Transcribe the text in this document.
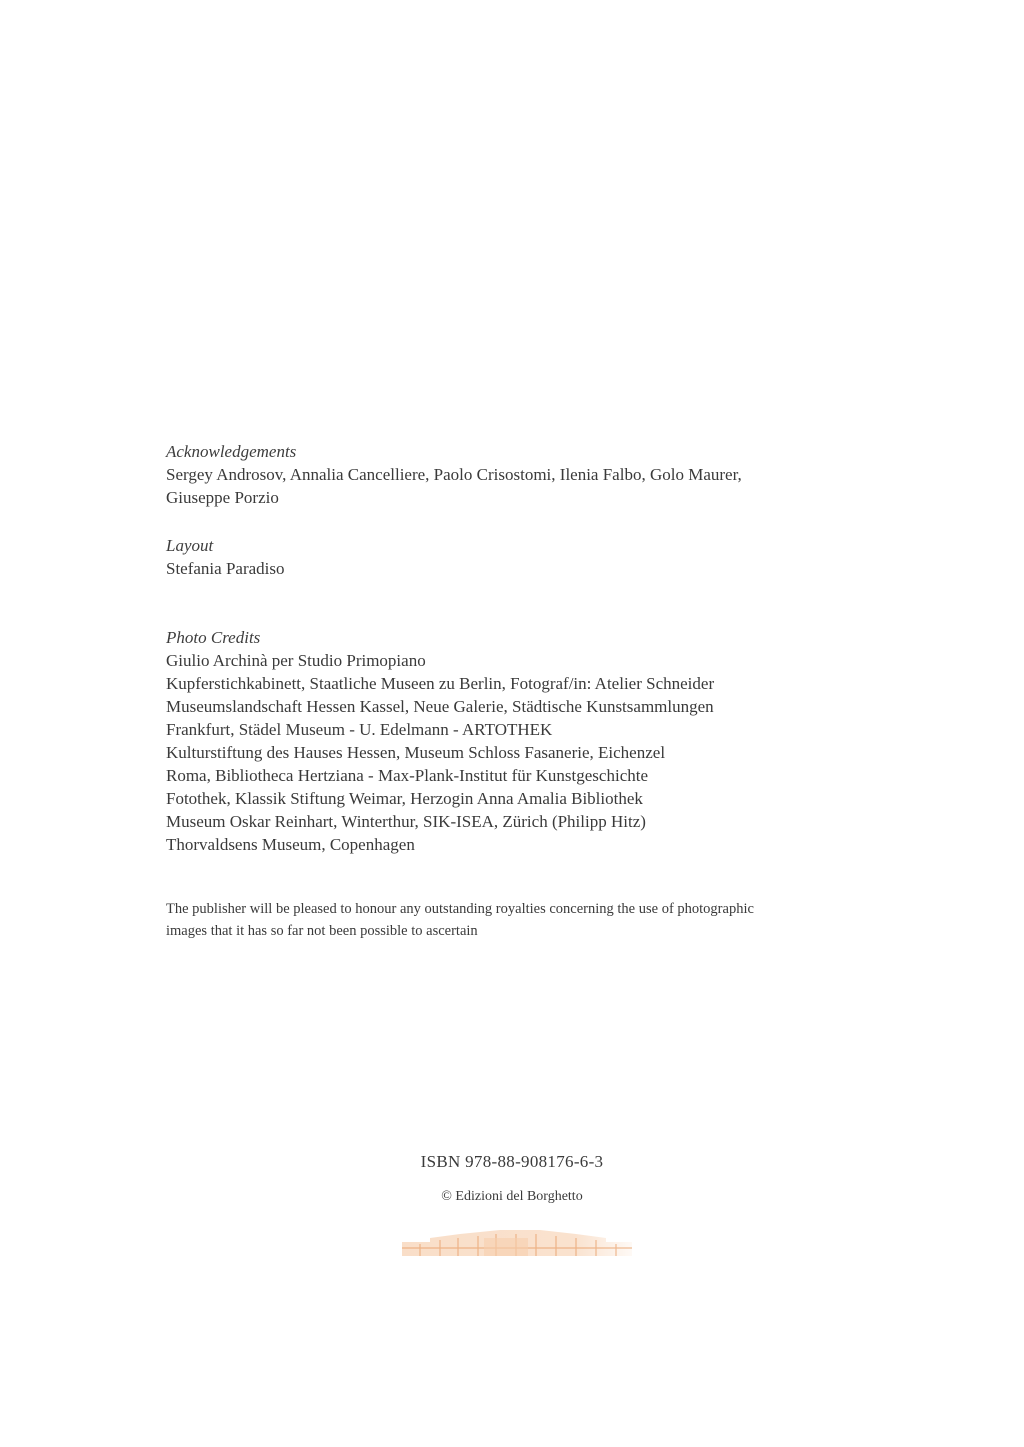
Acknowledgements
Sergey Androsov, Annalia Cancelliere, Paolo Crisostomi, Ilenia Falbo, Golo Maurer,
Giuseppe Porzio
Layout
Stefania Paradiso
Photo Credits
Giulio Archinà per Studio Primopiano
Kupferstichkabinett, Staatliche Museen zu Berlin, Fotograf/in: Atelier Schneider
Museumslandschaft Hessen Kassel, Neue Galerie, Städtische Kunstsammlungen
Frankfurt, Städel Museum - U. Edelmann - ARTOTHEK
Kulturstiftung des Hauses Hessen, Museum Schloss Fasanerie, Eichenzel
Roma, Bibliotheca Hertziana - Max-Plank-Institut für Kunstgeschichte
Fotothek, Klassik Stiftung Weimar, Herzogin Anna Amalia Bibliothek
Museum Oskar Reinhart, Winterthur, SIK-ISEA, Zürich (Philipp Hitz)
Thorvaldsens Museum, Copenhagen
The publisher will be pleased to honour any outstanding royalties concerning the use of photographic
images that it has so far not been possible to ascertain
ISBN 978-88-908176-6-3
© Edizioni del Borghetto
